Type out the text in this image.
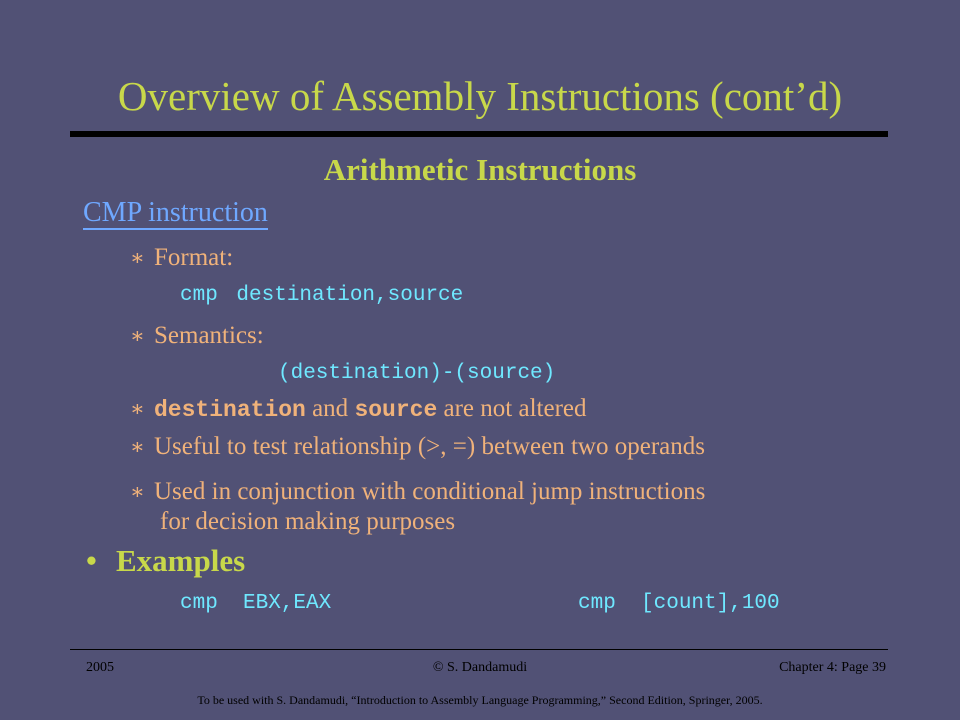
Overview of Assembly Instructions (cont’d)
Arithmetic Instructions
CMP instruction
∗ Format:
cmp destination,source
∗ Semantics:
(destination)-(source)
∗ destination and source are not altered
∗ Useful to test relationship (>, =) between two operands
∗ Used in conjunction with conditional jump instructions
for decision making purposes
• Examples
cmp  EBX,EAX	cmp  [count],100
2005	© S. Dandamudi	Chapter 4: Page 39
To be used with S. Dandamudi, “Introduction to Assembly Language Programming,” Second Edition, Springer, 2005.
